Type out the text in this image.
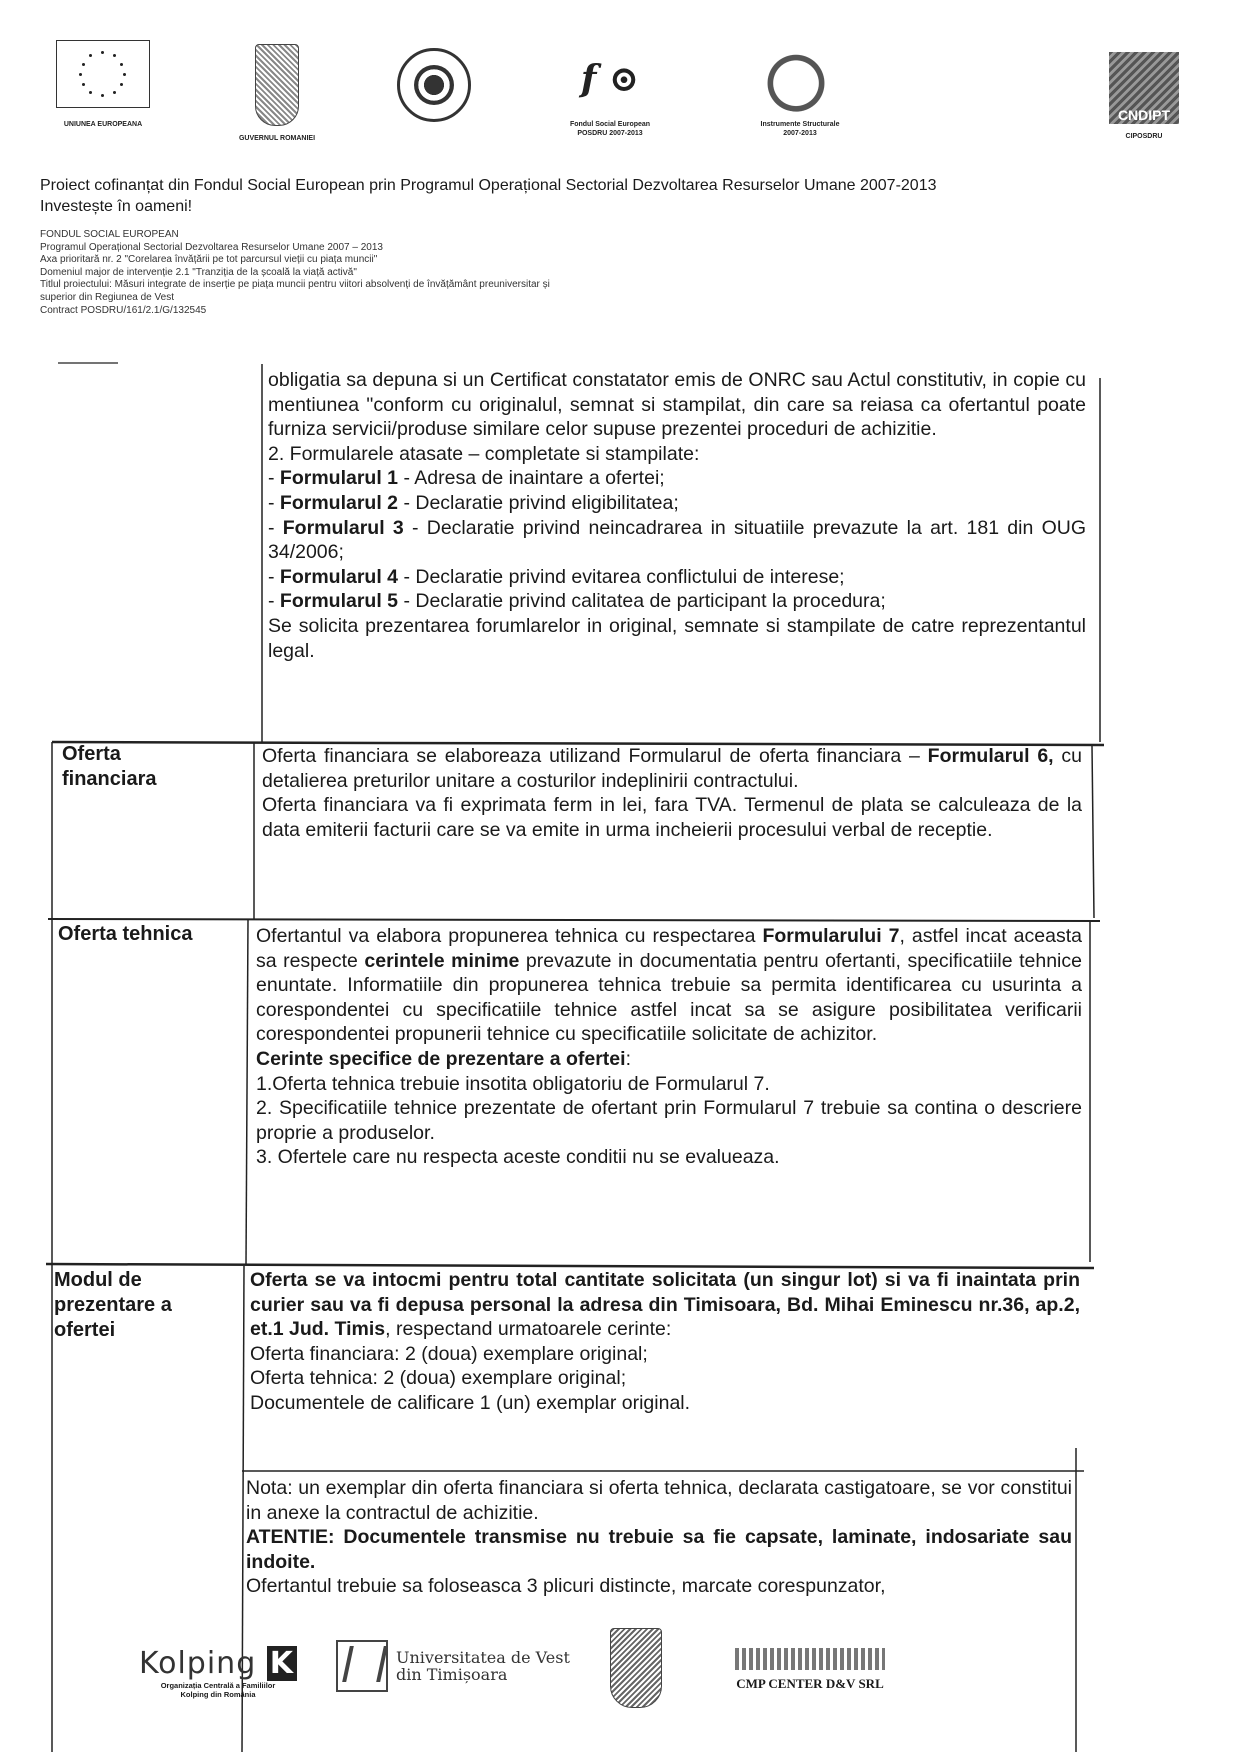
UNIUNEA EUROPEANA
GUVERNUL ROMANIEI
f ⊙
Fondul Social European
POSDRU 2007-2013
Instrumente Structurale
2007-2013
CNDIPT
CIPOSDRU
Proiect cofinanțat din Fondul Social European prin Programul Operațional Sectorial Dezvoltarea Resurselor Umane 2007-2013
Investește în oameni!
FONDUL SOCIAL EUROPEAN
Programul Operațional Sectorial Dezvoltarea Resurselor Umane 2007 – 2013
Axa prioritară nr. 2 "Corelarea învățării pe tot parcursul vieții cu piața muncii"
Domeniul major de intervenție 2.1 "Tranziția de la școală la viață activă"
Titlul proiectului: Măsuri integrate de inserție pe piața muncii pentru viitori absolvenți de învățământ preuniversitar și
superior din Regiunea de Vest
Contract POSDRU/161/2.1/G/132545

obligatia sa depuna si un Certificat constatator emis de ONRC sau Actul constitutiv, in copie cu mentiunea "conform cu originalul, semnat si stampilat, din care sa reiasa ca ofertantul poate furniza servicii/produse similare celor supuse prezentei proceduri de achizitie.

2. Formularele atasate – completate si stampilate:

- Formularul 1 - Adresa de inaintare a ofertei;

- Formularul 2 - Declaratie privind eligibilitatea;

- Formularul 3 - Declaratie privind neincadrarea in situatiile prevazute la art. 181 din OUG 34/2006;

- Formularul 4 - Declaratie privind evitarea conflictului de interese;

- Formularul 5 - Declaratie privind calitatea de participant la procedura;

Se solicita prezentarea forumlarelor in original, semnate si stampilate de catre reprezentantul legal.

Oferta
financiara

Oferta financiara se elaboreaza utilizand Formularul de oferta financiara – Formularul 6, cu detalierea preturilor unitare a costurilor indeplinirii contractului.

Oferta financiara va fi exprimata ferm in lei, fara TVA. Termenul de plata se calculeaza de la data emiterii facturii care se va emite in urma incheierii procesului verbal de receptie.

Oferta tehnica	Ofertantul va elabora propunerea tehnica cu respectarea Formularului 7, astfel incat aceasta sa respecte cerintele minime prevazute in documentatia pentru ofertanti, specificatiile tehnice enuntate. Informatiile din propunerea tehnica trebuie sa permita identificarea cu usurinta a corespondentei cu specificatiile tehnice astfel incat sa se asigure posibilitatea verificarii corespondentei propunerii tehnice cu specificatiile solicitate de achizitor.

Cerinte specifice de prezentare a ofertei:

1.Oferta tehnica trebuie insotita obligatoriu de Formularul 7.

2. Specificatiile tehnice prezentate de ofertant prin Formularul 7 trebuie sa contina o descriere proprie a produselor.

3. Ofertele care nu respecta aceste conditii nu se evalueaza.

Modul de
prezentare a
ofertei

Oferta se va intocmi pentru total cantitate solicitata (un singur lot) si va fi inaintata prin curier sau va fi depusa personal la adresa din Timisoara, Bd. Mihai Eminescu nr.36, ap.2, et.1 Jud. Timis, respectand urmatoarele cerinte:

Oferta financiara: 2 (doua) exemplare original;

Oferta tehnica: 2 (doua) exemplare original;

Documentele de calificare 1 (un) exemplar original.

Nota: un exemplar din oferta financiara si oferta tehnica, declarata castigatoare, se vor constitui in anexe la contractul de achizitie.

ATENTIE: Documentele transmise nu trebuie sa fie capsate, laminate, indosariate sau indoite.

Ofertantul trebuie sa foloseasca 3 plicuri distincte, marcate corespunzator,

Kolping K
Organizația Centrală a Familiilor
Kolping din România
Universitatea de Vest
din Timișoara	CMP CENTER D&V SRL
